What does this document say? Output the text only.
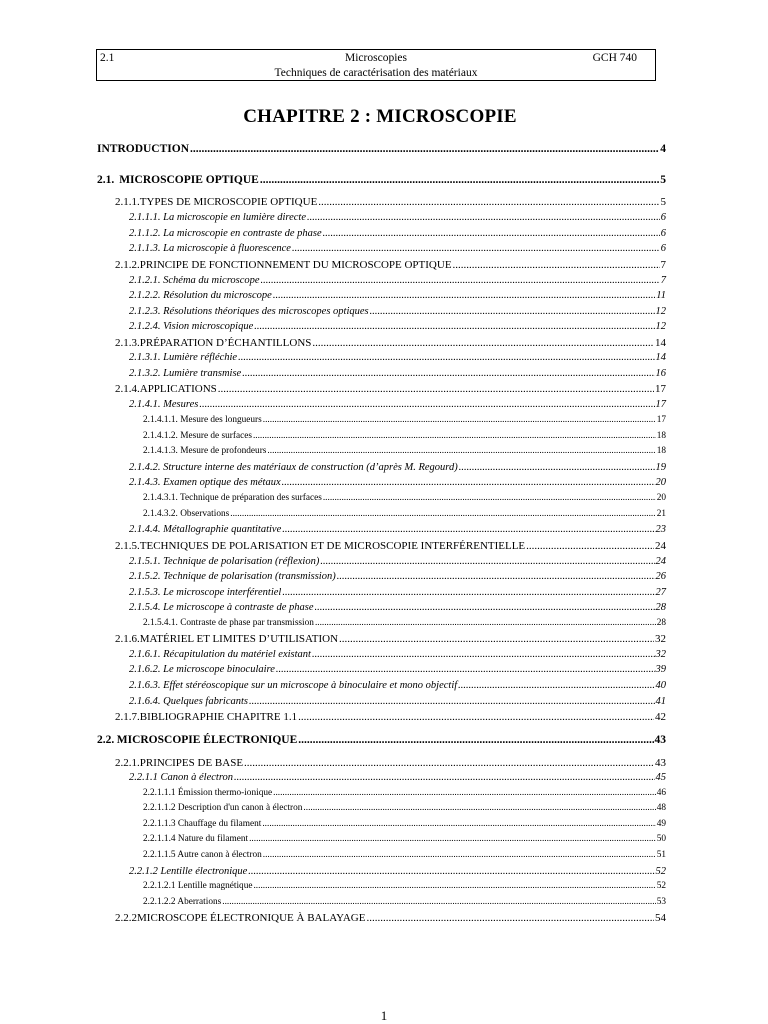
2.1	Microscopies	GCH 740
Techniques de caractérisation des matériaux
CHAPITRE 2 : MICROSCOPIE
INTRODUCTION .....	4
2.1. MICROSCOPIE OPTIQUE .....	5
2.1.1. TYPES DE MICROSCOPIE OPTIQUE .....	5
2.1.1.1. La microscopie en lumière directe .....	6
2.1.1.2. La microscopie en contraste de phase .....	6
2.1.1.3. La microscopie à fluorescence .....	6
2.1.2. PRINCIPE DE FONCTIONNEMENT DU MICROSCOPE OPTIQUE .....	7
2.1.2.1. Schéma du microscope .....	7
2.1.2.2. Résolution du microscope .....	11
2.1.2.3. Résolutions théoriques des microscopes optiques .....	12
2.1.2.4. Vision microscopique .....	12
2.1.3. PRÉPARATION D’ÉCHANTILLONS .....	14
2.1.3.1. Lumière réfléchie .....	14
2.1.3.2. Lumière transmise .....	16
2.1.4. APPLICATIONS .....	17
2.1.4.1. Mesures .....	17
2.1.4.1.1. Mesure des longueurs .....	17
2.1.4.1.2. Mesure de surfaces .....	18
2.1.4.1.3. Mesure de profondeurs .....	18
2.1.4.2. Structure interne des matériaux de construction (d’après M. Regourd) .....	19
2.1.4.3. Examen optique des métaux .....	20
2.1.4.3.1. Technique de préparation des surfaces .....	20
2.1.4.3.2. Observations .....	21
2.1.4.4. Métallographie quantitative .....	23
2.1.5. TECHNIQUES DE POLARISATION ET DE MICROSCOPIE INTERFÉRENTIELLE .....	24
2.1.5.1. Technique de polarisation (réflexion) .....	24
2.1.5.2. Technique de polarisation (transmission) .....	26
2.1.5.3. Le microscope interférentiel .....	27
2.1.5.4. Le microscope à contraste de phase .....	28
2.1.5.4.1. Contraste de phase par transmission .....	28
2.1.6. MATÉRIEL ET LIMITES D’UTILISATION .....	32
2.1.6.1. Récapitulation du matériel existant .....	32
2.1.6.2. Le microscope binoculaire .....	39
2.1.6.3. Effet stéréoscopique sur un microscope à binoculaire et mono objectif .....	40
2.1.6.4. Quelques fabricants .....	41
2.1.7. BIBLIOGRAPHIE CHAPITRE 1.1 .....	42
2.2. MICROSCOPIE ÉLECTRONIQUE .....	43
2.2.1. PRINCIPES DE BASE .....	43
2.2.1.1 Canon à électron .....	45
2.2.1.1.1 Émission thermo-ionique .....	46
2.2.1.1.2 Description d'un canon à électron .....	48
2.2.1.1.3 Chauffage du filament .....	49
2.2.1.1.4 Nature du filament .....	50
2.2.1.1.5 Autre canon à électron .....	51
2.2.1.2 Lentille électronique .....	52
2.2.1.2.1 Lentille magnétique .....	52
2.2.1.2.2 Aberrations .....	53
2.2.2 MICROSCOPE ÉLECTRONIQUE À BALAYAGE .....	54
1
